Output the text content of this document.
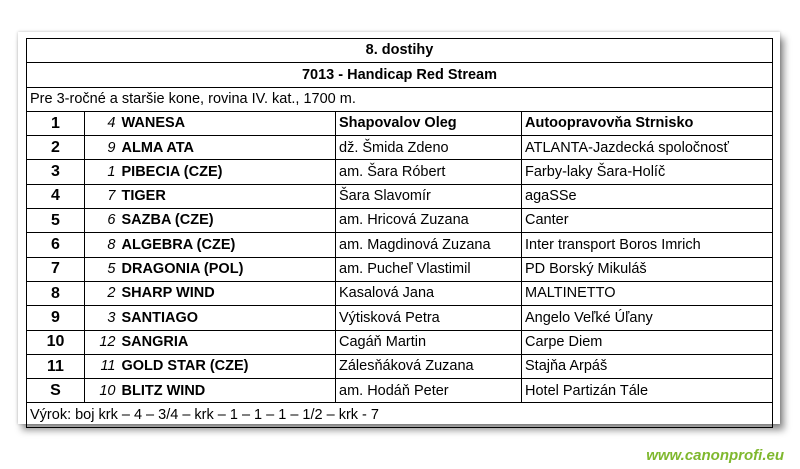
8. dostihy				
7013 - Handicap Red Stream				
Pre 3-ročné a staršie kone, rovina IV. kat., 1700 m.				
1	4	WANESA	Shapovalov Oleg	Autoopravovňa Strnisko
2	9	ALMA ATA	dž. Šmida Zdeno	ATLANTA-Jazdecká spoločnosť
3	1	PIBECIA (CZE)	am. Šara Róbert	Farby-laky Šara-Holíč
4	7	TIGER	Šara Slavomír	agaSSe
5	6	SAZBA (CZE)	am. Hricová Zuzana	Canter
6	8	ALGEBRA (CZE)	am. Magdinová Zuzana	Inter transport Boros Imrich
7	5	DRAGONIA (POL)	am. Pucheľ Vlastimil	PD Borský Mikuláš
8	2	SHARP WIND	Kasalová Jana	MALTINETTO
9	3	SANTIAGO	Výtisková Petra	Angelo Veľké Úľany
10	12	SANGRIA	Cagáň Martin	Carpe Diem
11	11	GOLD STAR (CZE)	Zálesňáková Zuzana	Stajňa Arpáš
S	10	BLITZ WIND	am. Hodáň Peter	Hotel Partizán Tále
Výrok: boj krk – 4 – 3/4 – krk – 1 – 1 – 1 – 1/2 – krk - 7				
www.canonprofi.eu
